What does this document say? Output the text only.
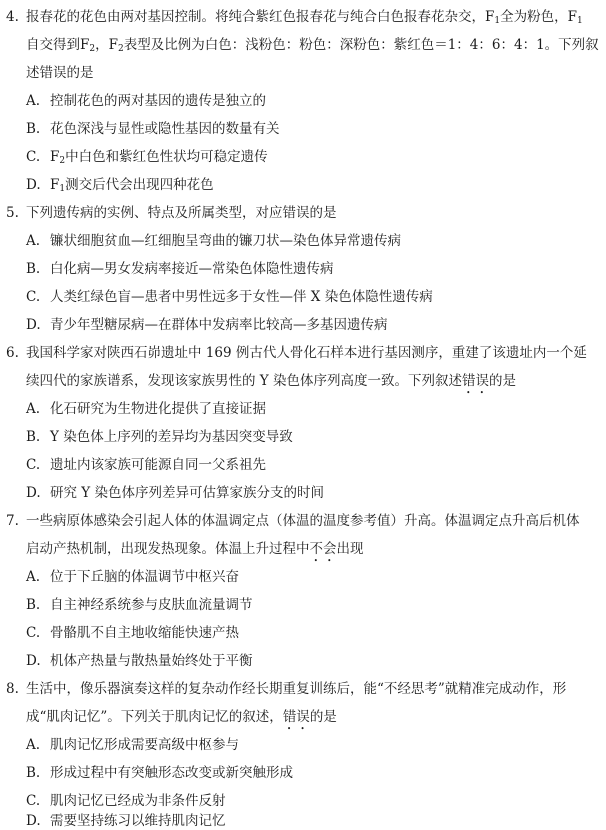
4. 报春花的花色由两对基因控制。将纯合紫红色报春花与纯合白色报春花杂交，$F_1$全为粉色，$F_1$
自交得到$F_2$，$F_2$表型及比例为白色：浅粉色：粉色：深粉色：紫红色＝1：4：6：4：1。下列叙
述错误的是
A. 控制花色的两对基因的遗传是独立的
B. 花色深浅与显性或隐性基因的数量有关
C. $F_2$中白色和紫红色性状均可稳定遗传
D. $F_1$测交后代会出现四种花色
5. 下列遗传病的实例、特点及所属类型，对应错误的是
A. 镰状细胞贫血—红细胞呈弯曲的镰刀状—染色体异常遗传病
B. 白化病—男女发病率接近—常染色体隐性遗传病
C. 人类红绿色盲—患者中男性远多于女性—伴 X 染色体隐性遗传病
D. 青少年型糖尿病—在群体中发病率比较高—多基因遗传病
6. 我国科学家对陕西石峁遗址中 169 例古代人骨化石样本进行基因测序，重建了该遗址内一个延
续四代的家族谱系，发现该家族男性的 Y 染色体序列高度一致。下列叙述错误的是
A. 化石研究为生物进化提供了直接证据
B. Y 染色体上序列的差异均为基因突变导致
C. 遗址内该家族可能源自同一父系祖先
D. 研究 Y 染色体序列差异可估算家族分支的时间
7. 一些病原体感染会引起人体的体温调定点（体温的温度参考值）升高。体温调定点升高后机体
启动产热机制，出现发热现象。体温上升过程中不会出现
A. 位于下丘脑的体温调节中枢兴奋
B. 自主神经系统参与皮肤血流量调节
C. 骨骼肌不自主地收缩能快速产热
D. 机体产热量与散热量始终处于平衡
8. 生活中，像乐器演奏这样的复杂动作经长期重复训练后，能“不经思考”就精准完成动作，形
成“肌肉记忆”。下列关于肌肉记忆的叙述，错误的是
A. 肌肉记忆形成需要高级中枢参与
B. 形成过程中有突触形态改变或新突触形成
C. 肌肉记忆已经成为非条件反射
D. 需要坚持练习以维持肌肉记忆
